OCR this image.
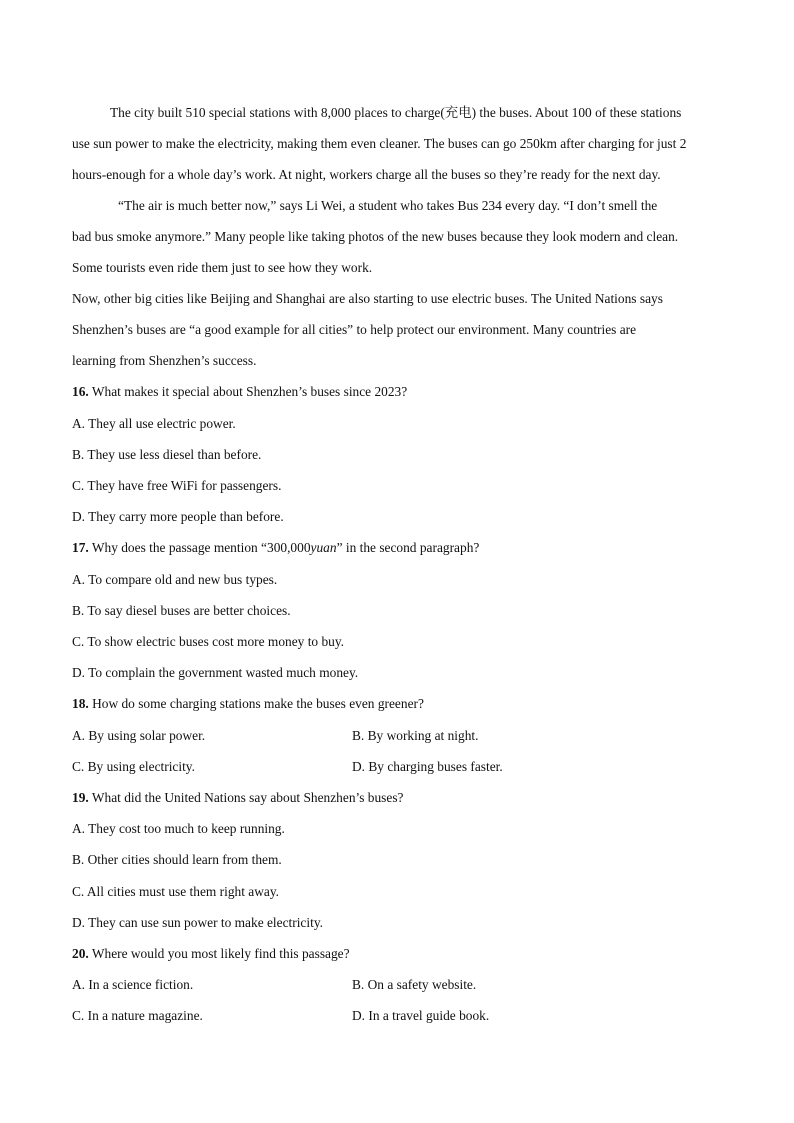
The city built 510 special stations with 8,000 places to charge(充电) the buses. About 100 of these stations
use sun power to make the electricity, making them even cleaner. The buses can go 250km after charging for just 2
hours-enough for a whole day’s work. At night, workers charge all the buses so they’re ready for the next day.
“The air is much better now,” says Li Wei, a student who takes Bus 234 every day. “I don’t smell the
bad bus smoke anymore.” Many people like taking photos of the new buses because they look modern and clean.
Some tourists even ride them just to see how they work.
Now, other big cities like Beijing and Shanghai are also starting to use electric buses. The United Nations says
Shenzhen’s buses are “a good example for all cities” to help protect our environment. Many countries are
learning from Shenzhen’s success.
16. What makes it special about Shenzhen’s buses since 2023?
A. They all use electric power.
B. They use less diesel than before.
C. They have free WiFi for passengers.
D. They carry more people than before.
17. Why does the passage mention “300,000yuan” in the second paragraph?
A. To compare old and new bus types.
B. To say diesel buses are better choices.
C. To show electric buses cost more money to buy.
D. To complain the government wasted much money.
18. How do some charging stations make the buses even greener?
A. By using solar power.	B. By working at night.
C. By using electricity.	D. By charging buses faster.
19. What did the United Nations say about Shenzhen’s buses?
A. They cost too much to keep running.
B. Other cities should learn from them.
C. All cities must use them right away.
D. They can use sun power to make electricity.
20. Where would you most likely find this passage?
A. In a science fiction.	B. On a safety website.
C. In a nature magazine.	D. In a travel guide book.
